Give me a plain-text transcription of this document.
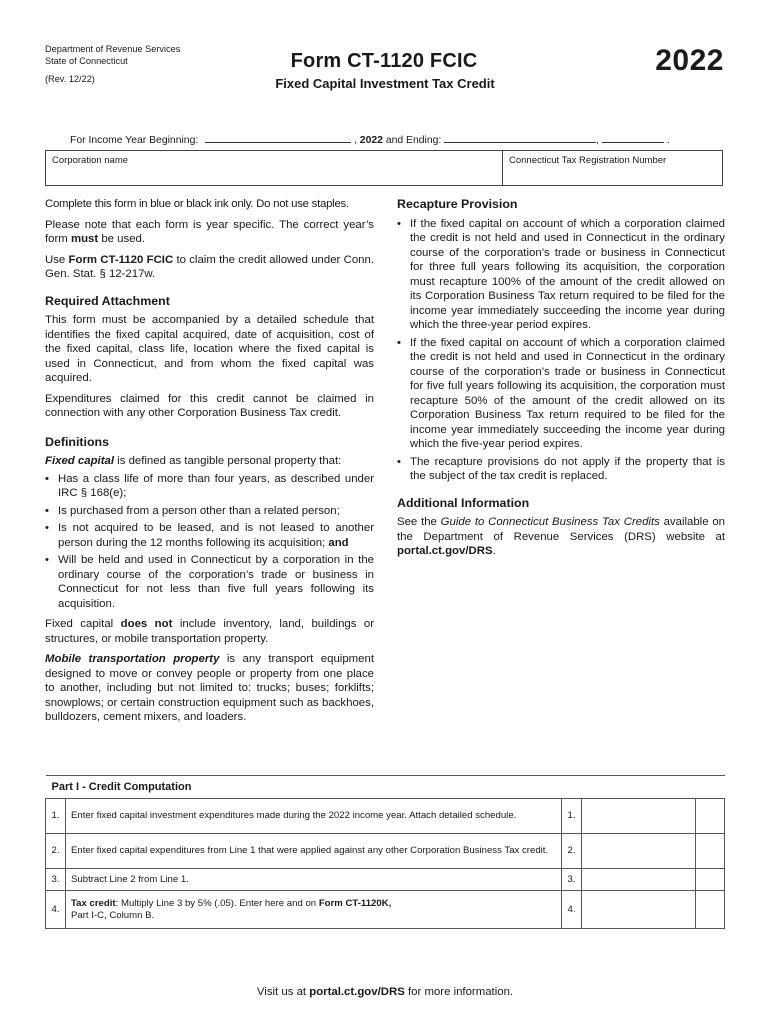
Department of Revenue Services
State of Connecticut
(Rev. 12/22)
Form CT-1120 FCIC
Fixed Capital Investment Tax Credit
2022
For Income Year Beginning:	, 2022 and Ending:	,	.
Corporation name	Connecticut Tax Registration Number

Complete this form in blue or black ink only. Do not use staples.

Please note that each form is year specific. The correct year’s form must be used.

Use Form CT-1120 FCIC to claim the credit allowed under Conn. Gen. Stat. § 12-217w.

Required Attachment

This form must be accompanied by a detailed schedule that identifies the fixed capital acquired, date of acquisition, cost of the fixed capital, class life, location where the fixed capital is used in Connecticut, and from whom the fixed capital was acquired.

Expenditures claimed for this credit cannot be claimed in connection with any other Corporation Business Tax credit.

Definitions

Fixed capital is defined as tangible personal property that:

• Has a class life of more than four years, as described under IRC § 168(e);
• Is purchased from a person other than a related person;
• Is not acquired to be leased, and is not leased to another person during the 12 months following its acquisition; and
• Will be held and used in Connecticut by a corporation in the ordinary course of the corporation’s trade or business in Connecticut for not less than five full years following its acquisition.

Fixed capital does not include inventory, land, buildings or structures, or mobile transportation property.

Mobile transportation property is any transport equipment designed to move or convey people or property from one place to another, including but not limited to: trucks; buses; forklifts; snowplows; or certain construction equipment such as backhoes, bulldozers, cement mixers, and loaders.

Recapture Provision
• If the fixed capital on account of which a corporation claimed the credit is not held and used in Connecticut in the ordinary course of the corporation’s trade or business in Connecticut for three full years following its acquisition, the corporation must recapture 100% of the amount of the credit allowed on its Corporation Business Tax return required to be filed for the income year immediately succeeding the income year during which the three-year period expires.
• If the fixed capital on account of which a corporation claimed the credit is not held and used in Connecticut in the ordinary course of the corporation’s trade or business in Connecticut for five full years following its acquisition, the corporation must recapture 50% of the amount of the credit allowed on its Corporation Business Tax return required to be filed for the income year immediately succeeding the income year during which the five-year period expires.
• The recapture provisions do not apply if the property that is the subject of the tax credit is replaced.
Additional Information

See the Guide to Connecticut Business Tax Credits available on the Department of Revenue Services (DRS) website at portal.ct.gov/DRS.

Part I - Credit Computation				
1.	Enter fixed capital investment expenditures made during the 2022 income year. Attach detailed schedule.	1.		
2.	Enter fixed capital expenditures from Line 1 that were applied against any other Corporation Business Tax credit.	2.		
3.	Subtract Line 2 from Line 1.	3.		
4.	Tax credit: Multiply Line 3 by 5% (.05). Enter here and on Form CT-1120K,
Part I-C, Column B.	4.		
Visit us at portal.ct.gov/DRS for more information.
